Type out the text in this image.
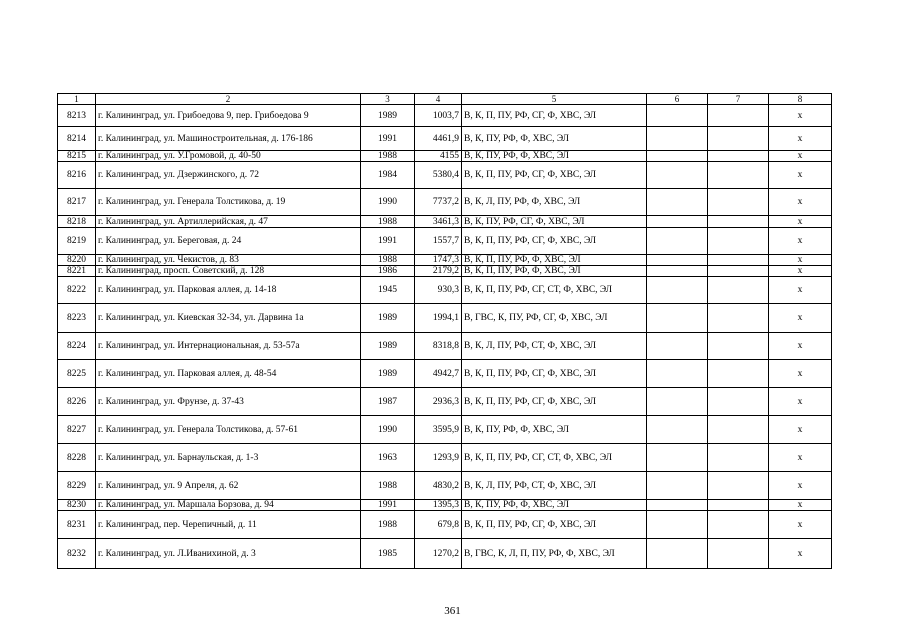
1	2	3	4	5	6	7	8
8213	г. Калининград, ул. Грибоедова 9, пер. Грибоедова 9	1989	1003,7	В, К, П, ПУ, РФ, СГ, Ф, ХВС, ЭЛ			х
8214	г. Калининград, ул. Машиностроительная, д. 176-186	1991	4461,9	В, К, ПУ, РФ, Ф, ХВС, ЭЛ			х
8215	г. Калининград, ул. У.Громовой, д. 40-50	1988	4155	В, К, ПУ, РФ, Ф, ХВС, ЭЛ			х
8216	г. Калининград, ул. Дзержинского, д. 72	1984	5380,4	В, К, П, ПУ, РФ, СГ, Ф, ХВС, ЭЛ			х
8217	г. Калининград, ул. Генерала Толстикова, д. 19	1990	7737,2	В, К, Л, ПУ, РФ, Ф, ХВС, ЭЛ			х
8218	г. Калининград, ул. Артиллерийская, д. 47	1988	3461,3	В, К, ПУ, РФ, СГ, Ф, ХВС, ЭЛ			х
8219	г. Калининград, ул. Береговая, д. 24	1991	1557,7	В, К, П, ПУ, РФ, СГ, Ф, ХВС, ЭЛ			х
8220	г. Калининград, ул. Чекистов, д. 83	1988	1747,3	В, К, П, ПУ, РФ, Ф, ХВС, ЭЛ			х
8221	г. Калининград, просп. Советский, д. 128	1986	2179,2	В, К, П, ПУ, РФ, Ф, ХВС, ЭЛ			х
8222	г. Калининград, ул. Парковая аллея, д. 14-18	1945	930,3	В, К, П, ПУ, РФ, СГ, СТ, Ф, ХВС, ЭЛ			х
8223	г. Калининград, ул. Киевская 32-34, ул. Дарвина 1а	1989	1994,1	В, ГВС, К, ПУ, РФ, СГ, Ф, ХВС, ЭЛ			х
8224	г. Калининград, ул. Интернациональная, д. 53-57а	1989	8318,8	В, К, Л, ПУ, РФ, СТ, Ф, ХВС, ЭЛ			х
8225	г. Калининград, ул. Парковая аллея, д. 48-54	1989	4942,7	В, К, П, ПУ, РФ, СГ, Ф, ХВС, ЭЛ			х
8226	г. Калининград, ул. Фрунзе, д. 37-43	1987	2936,3	В, К, П, ПУ, РФ, СГ, Ф, ХВС, ЭЛ			х
8227	г. Калининград, ул. Генерала Толстикова, д. 57-61	1990	3595,9	В, К, ПУ, РФ, Ф, ХВС, ЭЛ			х
8228	г. Калининград, ул. Барнаульская, д. 1-3	1963	1293,9	В, К, П, ПУ, РФ, СГ, СТ, Ф, ХВС, ЭЛ			х
8229	г. Калининград, ул. 9 Апреля, д. 62	1988	4830,2	В, К, Л, ПУ, РФ, СТ, Ф, ХВС, ЭЛ			х
8230	г. Калининград, ул. Маршала Борзова, д. 94	1991	1395,3	В, К, ПУ, РФ, Ф, ХВС, ЭЛ			х
8231	г. Калининград, пер. Черепичный, д. 11	1988	679,8	В, К, П, ПУ, РФ, СГ, Ф, ХВС, ЭЛ			х
8232	г. Калининград, ул. Л.Иванихиной, д. 3	1985	1270,2	В, ГВС, К, Л, П, ПУ, РФ, Ф, ХВС, ЭЛ			х
361
